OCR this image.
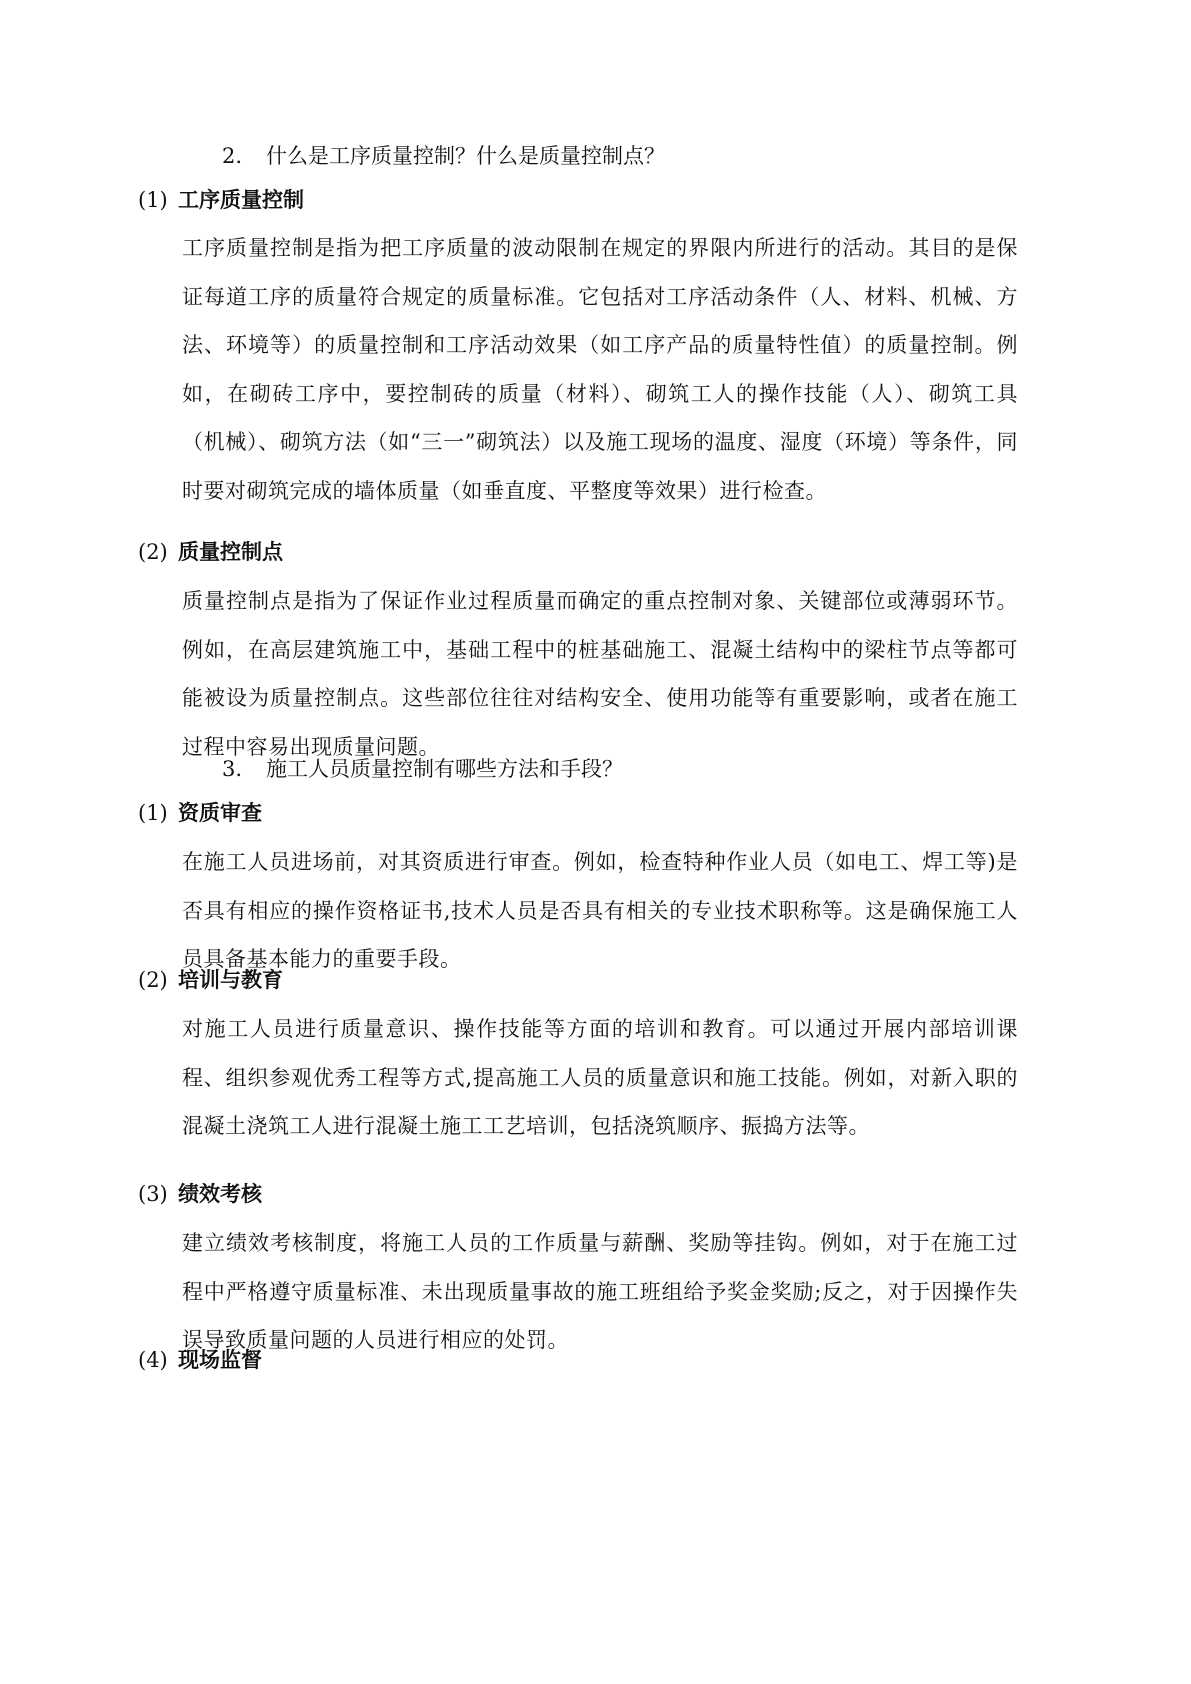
2. 什么是工序质量控制？什么是质量控制点？
(1) 工序质量控制
工序质量控制是指为把工序质量的波动限制在规定的界限内所进行的活动。其目的是保证每道工序的质量符合规定的质量标准。它包括对工序活动条件（人、材料、机械、方法、环境等）的质量控制和工序活动效果（如工序产品的质量特性值）的质量控制。例如，在砌砖工序中，要控制砖的质量（材料）、砌筑工人的操作技能（人）、砌筑工具（机械）、砌筑方法（如“三一”砌筑法）以及施工现场的温度、湿度（环境）等条件，同时要对砌筑完成的墙体质量（如垂直度、平整度等效果）进行检查。
(2) 质量控制点
质量控制点是指为了保证作业过程质量而确定的重点控制对象、关键部位或薄弱环节。例如，在高层建筑施工中，基础工程中的桩基础施工、混凝土结构中的梁柱节点等都可能被设为质量控制点。这些部位往往对结构安全、使用功能等有重要影响，或者在施工过程中容易出现质量问题。
3. 施工人员质量控制有哪些方法和手段？
(1) 资质审查
在施工人员进场前，对其资质进行审查。例如，检查特种作业人员（如电工、焊工等)是否具有相应的操作资格证书,技术人员是否具有相关的专业技术职称等。这是确保施工人员具备基本能力的重要手段。
(2) 培训与教育
对施工人员进行质量意识、操作技能等方面的培训和教育。可以通过开展内部培训课程、组织参观优秀工程等方式,提高施工人员的质量意识和施工技能。例如，对新入职的混凝土浇筑工人进行混凝土施工工艺培训，包括浇筑顺序、振捣方法等。
(3) 绩效考核
建立绩效考核制度，将施工人员的工作质量与薪酬、奖励等挂钩。例如，对于在施工过程中严格遵守质量标准、未出现质量事故的施工班组给予奖金奖励;反之，对于因操作失误导致质量问题的人员进行相应的处罚。
(4) 现场监督
